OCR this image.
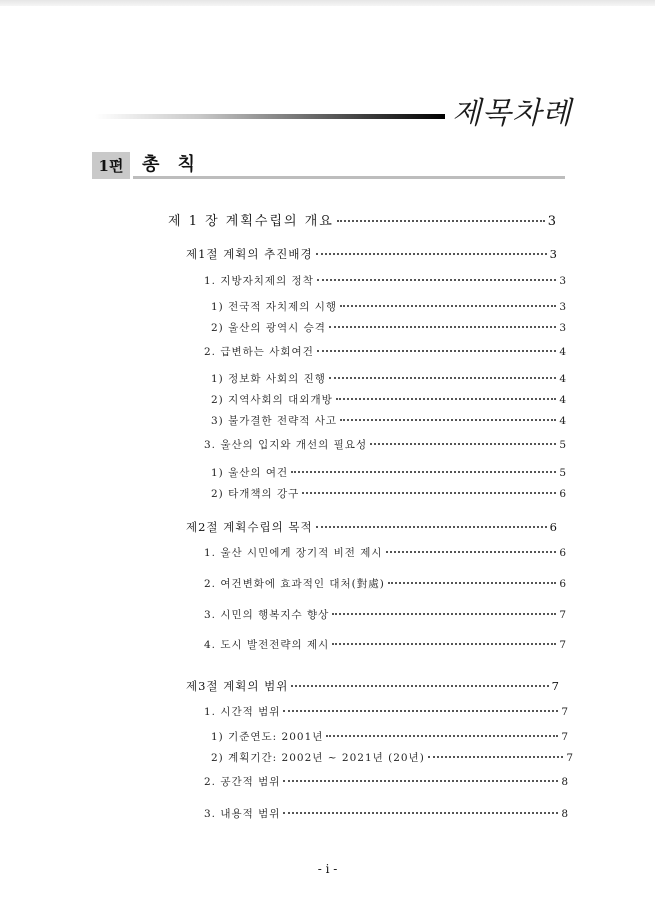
제목차례
1편	총 칙
제 1 장 계획수립의 개요	3
제1절 계획의 추진배경	3
1. 지방자치제의 정착	3
1) 전국적 자치제의 시행	3
2) 울산의 광역시 승격	3
2. 급변하는 사회여건	4
1) 정보화 사회의 진행	4
2) 지역사회의 대외개방	4
3) 불가결한 전략적 사고	4
3. 울산의 입지와 개선의 필요성	5
1) 울산의 여건	5
2) 타개책의 강구	6
제2절 계획수립의 목적	6
1. 울산 시민에게 장기적 비전 제시	6
2. 여건변화에 효과적인 대처(對處)	6
3. 시민의 행복지수 향상	7
4. 도시 발전전략의 제시	7
제3절 계획의 범위	7
1. 시간적 범위	7
1) 기준연도: 2001년	7
2) 계획기간: 2002년 ~ 2021년 (20년)	7
2. 공간적 범위	8
3. 내용적 범위	8
- i -
